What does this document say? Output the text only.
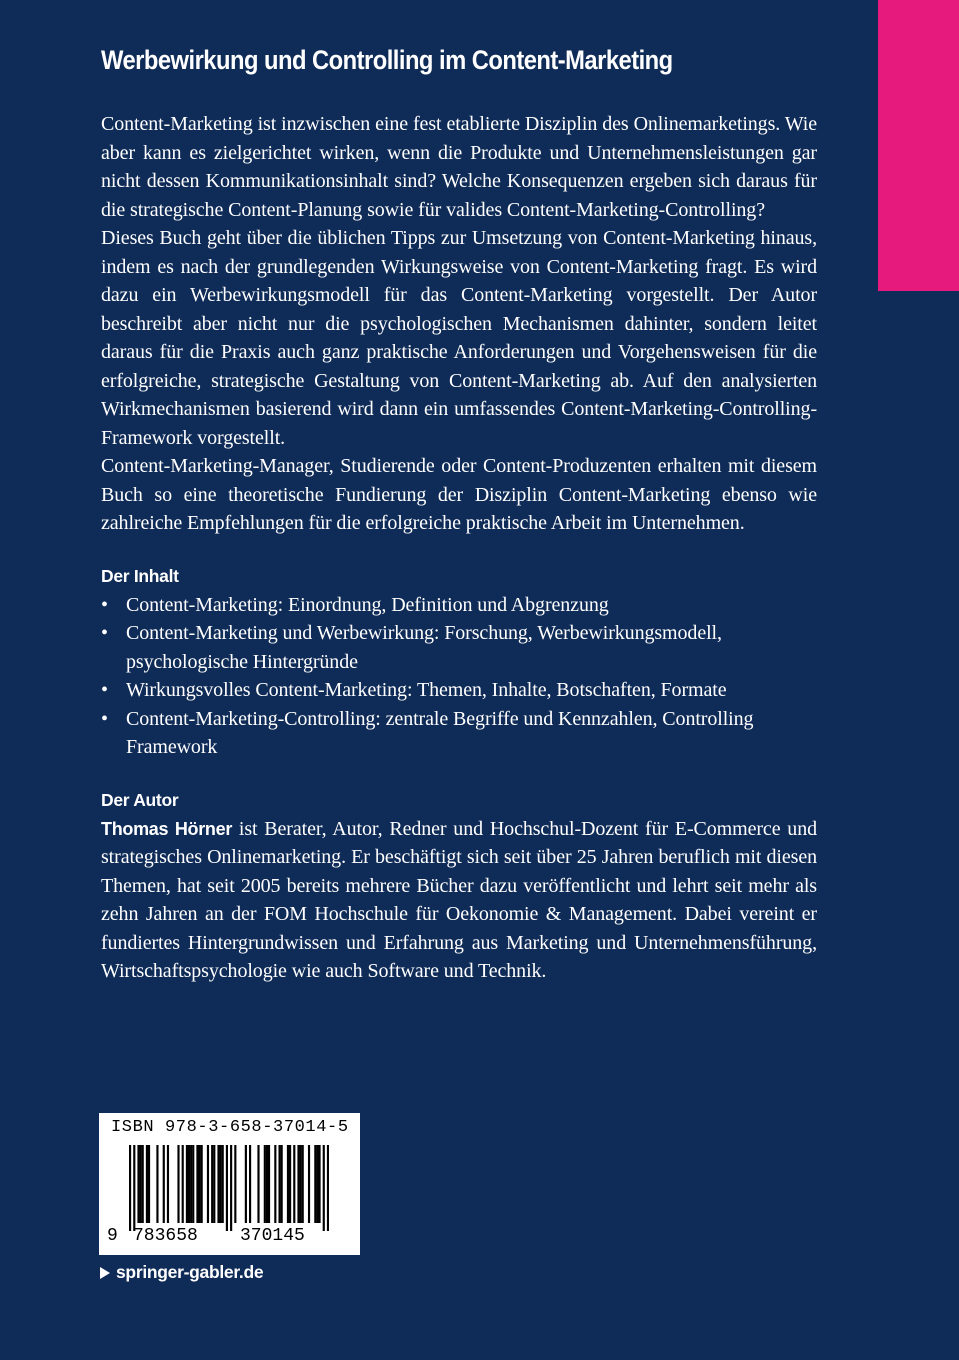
Werbewirkung und Controlling im Content-Marketing

Content-Marketing ist inzwischen eine fest etablierte Disziplin des Onlinemarketings. Wie aber kann es zielgerichtet wirken, wenn die Produkte und Unternehmensleistungen gar nicht dessen Kommunikationsinhalt sind? Welche Konsequenzen ergeben sich daraus für die strategische Content-Planung sowie für valides Content-Marketing-Controlling?

Dieses Buch geht über die üblichen Tipps zur Umsetzung von Content-Marketing hinaus, indem es nach der grundlegenden Wirkungsweise von Content-Marketing fragt. Es wird dazu ein Werbewirkungsmodell für das Content-Marketing vorgestellt. Der Autor beschreibt aber nicht nur die psychologischen Mechanismen dahinter, sondern leitet daraus für die Praxis auch ganz praktische Anforderungen und Vorgehensweisen für die erfolgreiche, strategische Gestaltung von Content-Marketing ab. Auf den analysierten Wirkmechanismen basierend wird dann ein umfassendes Content-Marketing-Controlling-Framework vorgestellt.

Content-Marketing-Manager, Studierende oder Content-Produzenten erhalten mit diesem Buch so eine theoretische Fundierung der Disziplin Content-Marketing ebenso wie zahlreiche Empfehlungen für die erfolgreiche praktische Arbeit im Unternehmen.

Der Inhalt
• Content-Marketing: Einordnung, Definition und Abgrenzung
• Content-Marketing und Werbewirkung: Forschung, Werbewirkungsmodell, psychologische Hintergründe
• Wirkungsvolles Content-Marketing: Themen, Inhalte, Botschaften, Formate
• Content-Marketing-Controlling: zentrale Begriffe und Kennzahlen, Controlling Framework
Der Autor

Thomas Hörner ist Berater, Autor, Redner und Hochschul-Dozent für E-Commerce und strategisches Onlinemarketing. Er beschäftigt sich seit über 25 Jahren beruflich mit diesen Themen, hat seit 2005 bereits mehrere Bücher dazu veröffentlicht und lehrt seit mehr als zehn Jahren an der FOM Hochschule für Oekonomie & Management. Dabei vereint er fundiertes Hintergrundwissen und Erfahrung aus Marketing und Unternehmensführung, Wirtschaftspsychologie wie auch Software und Technik.

ISBN 978-3-658-37014-5
9 783658 370145
springer-gabler.de
